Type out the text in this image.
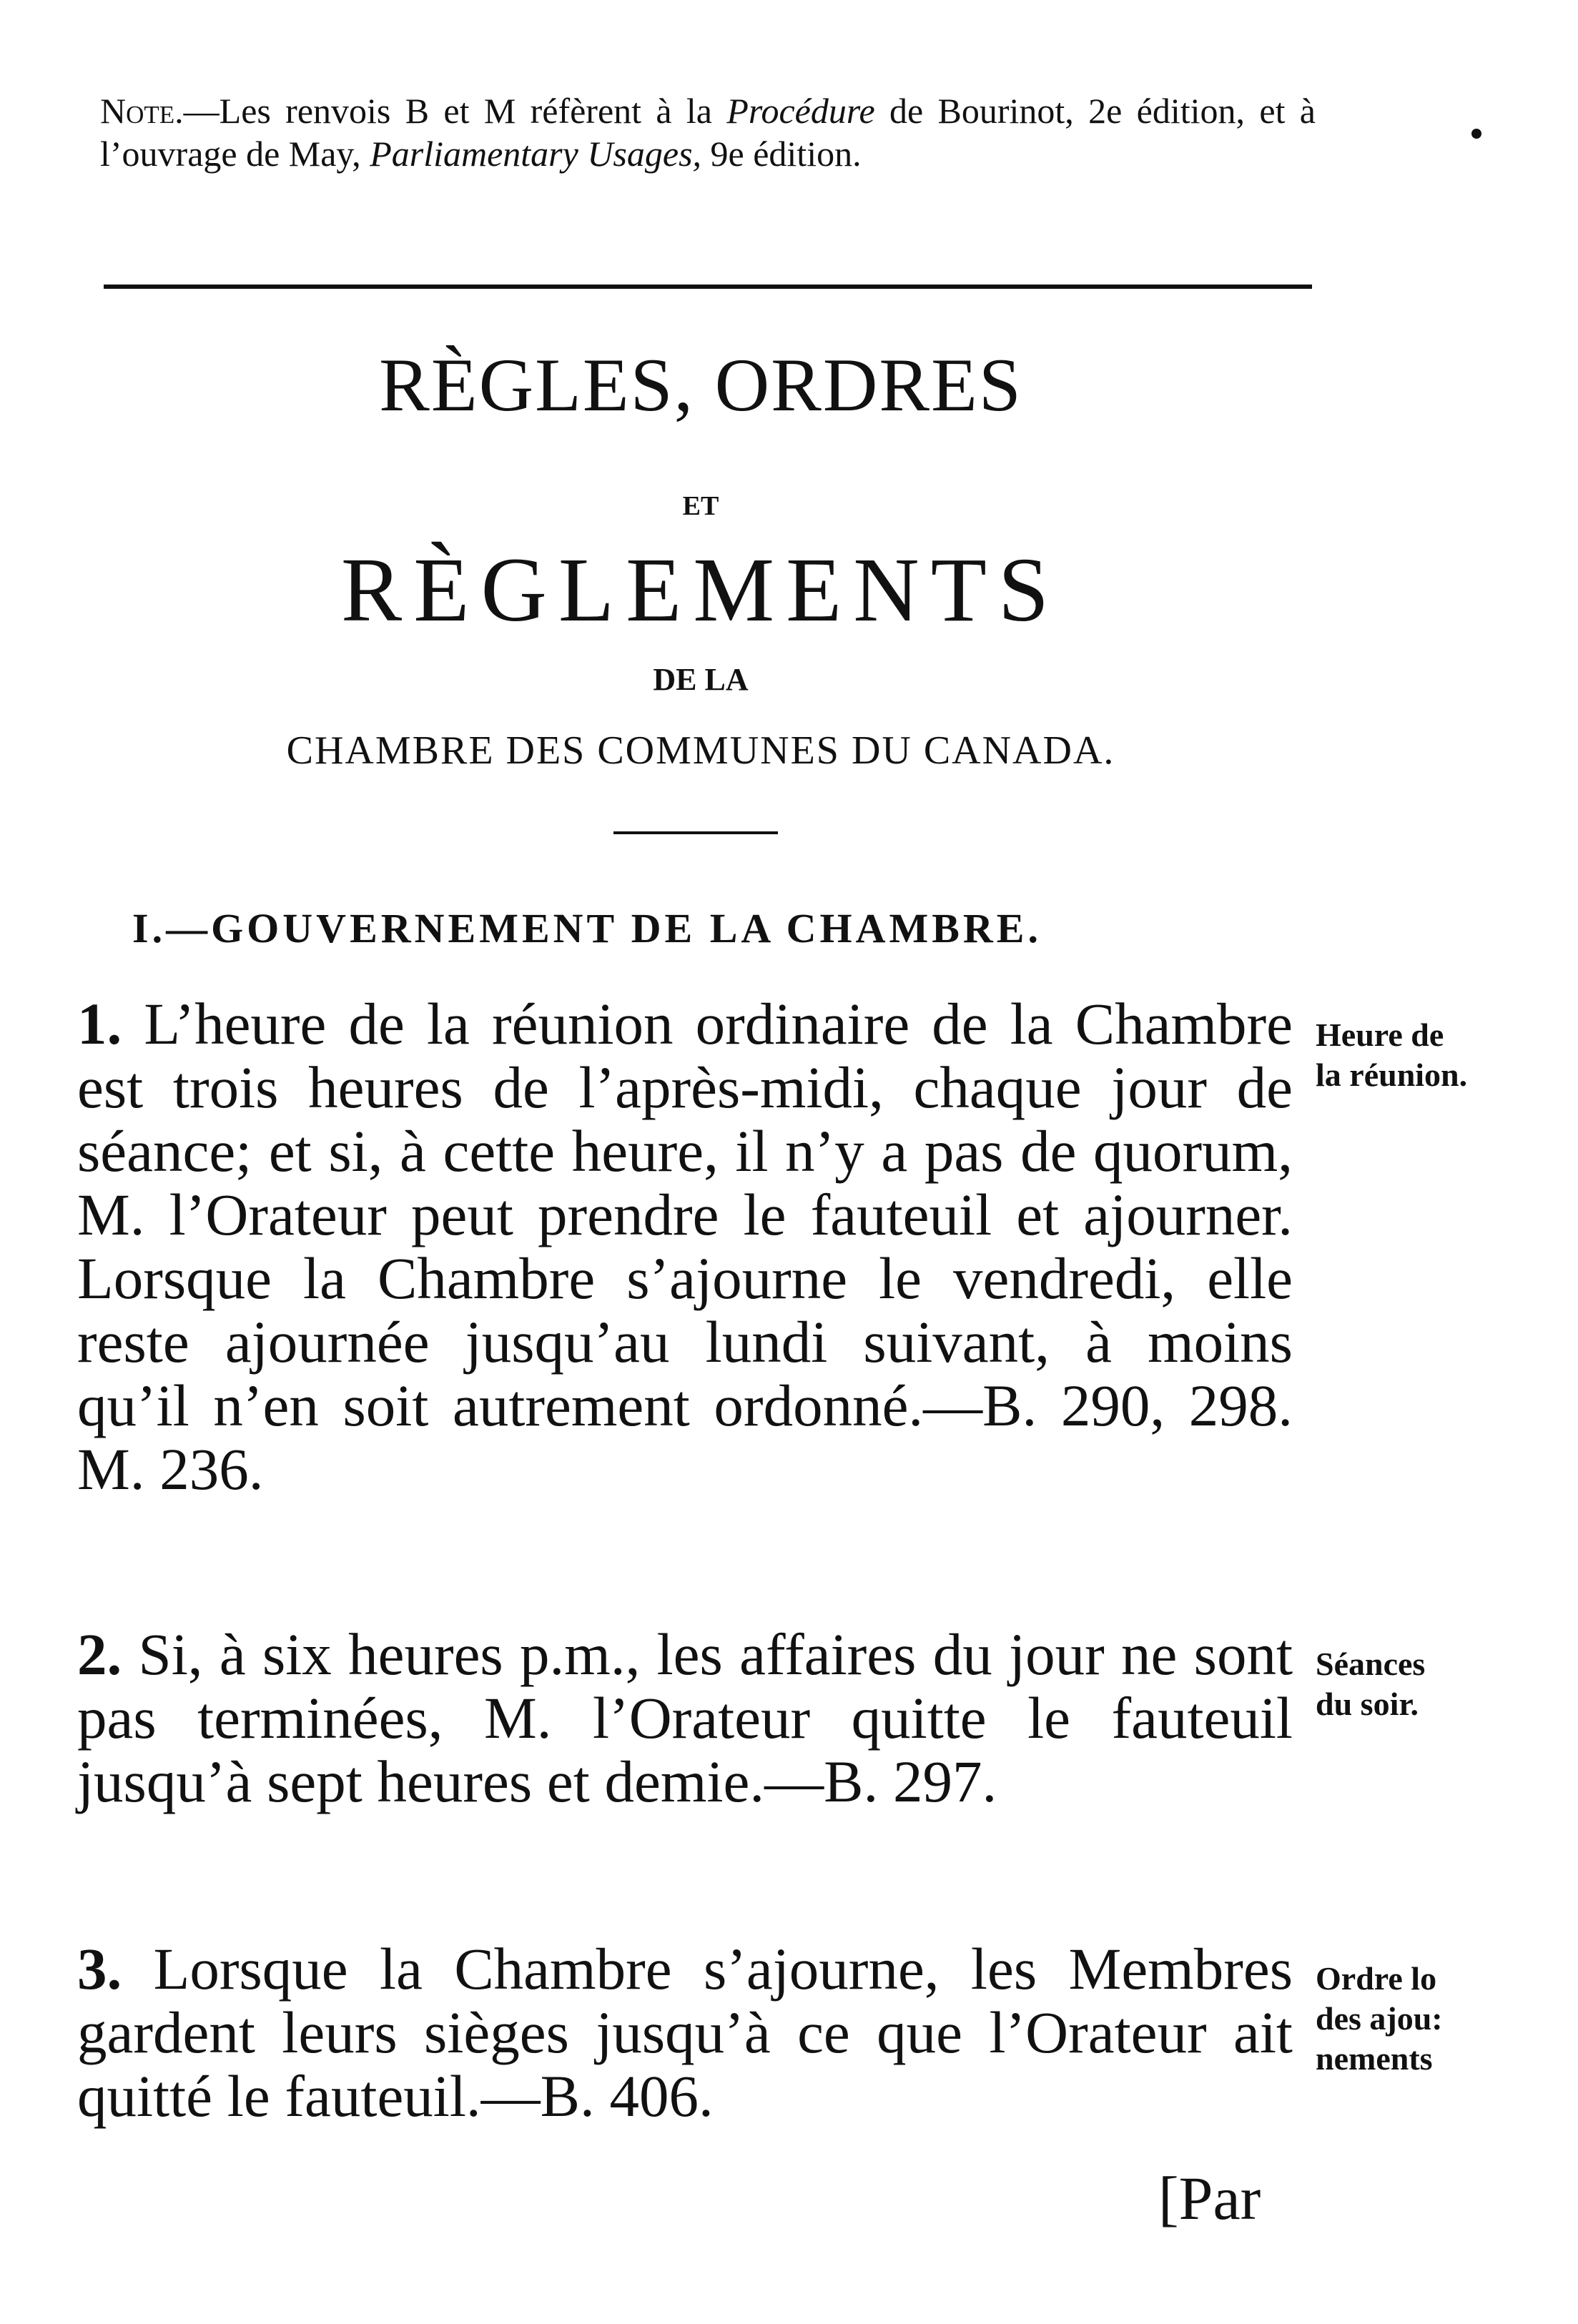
Note.—Les renvois B et M réfèrent à la Procédure de Bourinot, 2e édition, et à l’ouvrage de May, Parliamentary Usages, 9e édition.
RÈGLES, ORDRES
ET
RÈGLEMENTS
DE LA
CHAMBRE DES COMMUNES DU CANADA.
I.—GOUVERNEMENT DE LA CHAMBRE.
1. L’heure de la réunion ordinaire de la Chambre est trois heures de l’après-midi, chaque jour de séance; et si, à cette heure, il n’y a pas de quorum, M. l’Orateur peut prendre le fauteuil et ajourner. Lorsque la Chambre s’ajourne le vendredi, elle reste ajournée jusqu’au lundi suivant, à moins qu’il n’en soit autrement ordonné.—B. 290, 298. M. 236.
Heure de
la réunion.
2. Si, à six heures p.m., les affaires du jour ne sont pas terminées, M. l’Orateur quitte le fauteuil jusqu’à sept heures et demie.—B. 297.
Séances
du soir.
3. Lorsque la Chambre s’ajourne, les Membres gardent leurs sièges jusqu’à ce que l’Orateur ait quitté le fauteuil.—B. 406.
Ordre lo
des ajou:
nements
[Par
